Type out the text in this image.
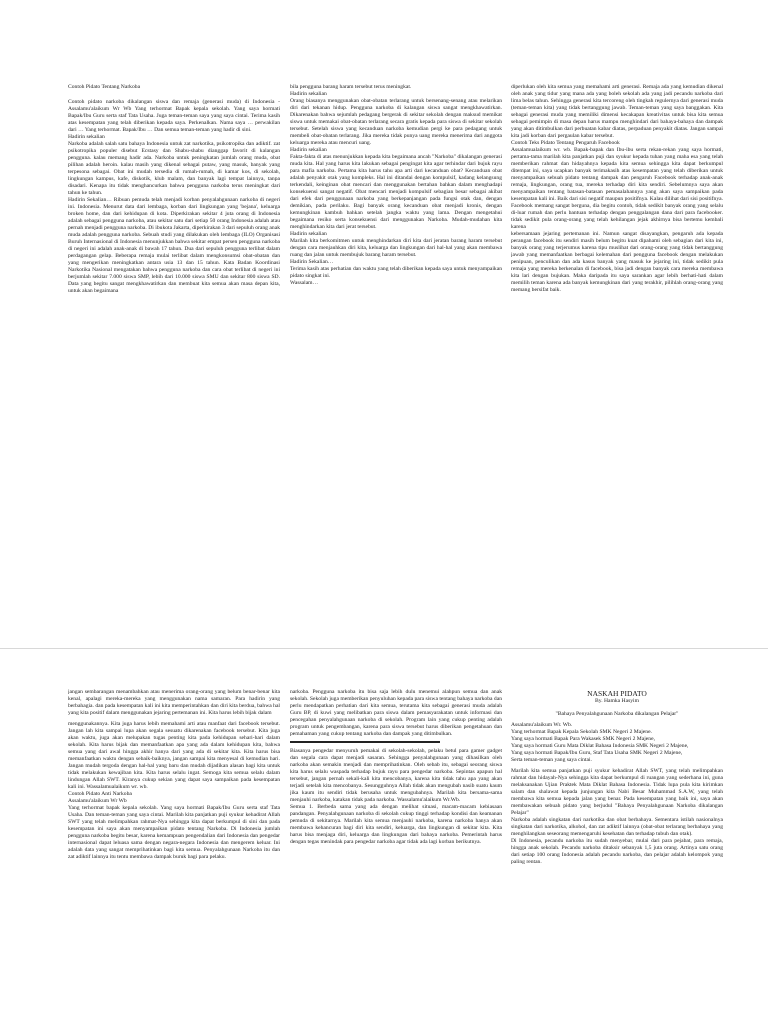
Contoh Pidato Tentang Narkoba

Contoh pidato narkoba dikalangan siswa dan remaja (generasi muda) di Indonesia - Assalamu'alaikum Wr Wb Yang terhormat Bapak kepala sekolah. Yang saya hormati Bapak/Ibu Guru serta staf Tata Usaha. Juga teman-teman saya yang saya cintai. Terima kasih atas kesempatan yang telah diberikan kepada saya. Perkenalkan. Nama saya … perwakilan dari … Yang terhormat. Bapak/Ibu … Dan semua teman-teman yang hadir di sini.

Hadirin sekalian

Narkoba adalah salah satu bahaya Indonesia untuk zat narkotika, psikotropika dan adiktif. zat psikotropika populer disebut Ecstasy dan Shabu-shabu dianggap favorit di kalangan pengguna. kalau memang hadir ada. Narkoba untuk peningkatan jumlah orang muda, obat pilihan adalah heroin. kalau masih yang dikenal sebagai putaw, yang masuk, banyak yang terpesona sebagai. Obat ini mudah tersedia di rumah-rumah, di kamar kos, di sekolah, lingkungan kampus, kafe, diskotik, klub malam, dan banyak lagi tempat lainnya, tanpa disadari. Kenapa itu tidak menghancurkan bahwa pengguna narkoba terus meningkat dari tahun ke tahun.

Hadirin Sekalian… Ribuan pemuda telah menjadi korban penyalahgunaan narkoba di negeri ini. Indonesia. Menurut data dari lembaga, korban dari lingkungan yang 'bejana', keluarga broken home, dan dari kehidupan di kota. Diperkirakan sekitar 4 juta orang di Indonesia adalah sebagai pengguna narkoba, atau sekitar satu dari setiap 50 orang Indonesia adalah atau pernah menjadi pengguna narkoba. Di ibukota Jakarta, diperkirakan 3 dari sepuluh orang anak muda adalah pengguna narkoba. Sebuah studi yang dilakukan oleh lembaga (ILO) Organisasi Buruh Internasional di Indonesia menunjukkan bahwa sekitar empat persen pengguna narkoba di negeri ini adalah anak-anak di bawah 17 tahun. Dua dari sepuluh pengguna terlibat dalam perdagangan gelap. Beberapa remaja mulai terlibat dalam mengkonsumsi obat-obatan dan yang mengerikan meningkatkan antara usia 13 dan 15 tahun. Kata Badan Koordinasi Narkotika Nasional mengatakan bahwa pengguna narkoba dan cara obat terlibat di negeri ini berjumlah sekitar 7.000 siswa SMP, lebih dari 10.000 siswa SMU dan sekitar 800 siswa SD. Data yang begitu sangat mengkhawatirkan dan membuat kita semua akan masa depan kita, untuk akan begaimana

bila pengguna barang haram tersebut terus meningkat.

Hadirin sekalian

Orang biasanya menggunakan obat-obatan terlarang untuk bersenang-senang atau melarikan diri dari tekanan hidup. Pengguna narkoba di kalangan siswa sangat mengkhawatirkan. Dikarenakan bahwa sejumlah pedagang bergerak di sekitar sekolah dengan maksud memikat siswa untuk memakai obat-obatan terlarang secara gratis kepada para siswa di sekitar sekolah tersebut. Setelah siswa yang kecanduan narkoba kemudian pergi ke para pedagang untuk membeli obat-obatan terlarang. Jika mereka tidak punya uang mereka menerima dari anggota keluarga mereka atau mencuri uang.

Hadirin sekalian

Fakta-fakta di atas menunjukkan kepada kita begaimana ancah "Narkoba" dikalangan generasi muda kita. Hal yang harus kita lakukan sebagai pengingat kita agar terhindar dari bujuk rayu para mafia narkoba. Pertama kita harus tahu apa arti dari kecanduan obat? Kecanduan obat adalah penyakit otak yang kompleks. Hal ini ditandai dengan kompulsif, kadang kelangsung terkendali, keinginan obat mencari dan menggunakan bertahan bahkan dalam menghadapi konsekuensi sangat negatif. Obat mencari menjadi kompulsif sebagian besar sebagai akibat dari efek dari penggunaan narkoba yang berkepanjangan pada fungsi otak dan, dengan demikian, pada perilaku. Bagi banyak orang kecanduan obat menjadi kronis, dengan kemungkinan kambuh bahkan setelah jangka waktu yang lama. Dengan mengetahui begaimana resiko serta konsekuensi dari menggunakan Narkoba. Mudah-mudahan kita menghindarkan kita dari jerat tersebut.

Hadirin sekalian

Marilah kita berkomitmen untuk menghindarkan diri kita dari jeratan barang haram tersebut dengan cara menjauhkan diri kita, keluarga dan lingkungan dari hal-hal yang akan membawa ruang dan jalan untuk membujuk barang haram tersebut.

Hadirin Sekalian…

Terima kasih atas perhatian dan waktu yang telah diberikan kepada saya untuk menyampaikan pidato singkat ini.

Wassalam…

diperlukan oleh kita semua yang memahami arti generasi. Remaja ada yang kemudian dikenal oleh anak yang tidur yang mana ada yang boleh sekolah ada yang jadi pecandu narkoba dari lima belas tahun. Sehingga generasi kita tercoreng oleh tingkah regulernya dari generasi muda (teman-teman kita) yang tidak bertanggung jawab. Teman-teman yang saya banggakan. Kita sebagai generasi muda yang memiliki dimensi kecakapan kreativitas untuk bisa kita semua sebagai pemimpin di masa depan harus mampu menghindari dari bahaya-bahaya dan dampak yang akan ditimbulkan dari perbuatan kabar diatas, perpaduan penyakit diatas. Jangan sampai kita jadi korban dari pergaulan kabar tersebut.

Contoh Teks Pidato Tentang Pengaruh Facebook

Assalamualaikum wr. wb. Bapak-bapak dan Ibu-ibu serta rekan-rekan yang saya hormati, pertama-tama marilah kita panjatkan puji dan syukur kepada tuhan yang maha esa yang telah memberikan rahmat dan hidayahnya kepada kita semua sehingga kita dapat berkumpul ditempat ini, saya ucapkan banyak terimakasih atas kesempatan yang telah diberikan untuk menyampaikan sebuah pidato tentang dampak dan pengaruh Facebook terhadap anak-anak remaja, lingkungan, orang tua, mereka terhadap diri kita sendiri. Sebelumnya saya akan menyampaikan tentang batasan-batasan pemasalahannya yang akan saya sampaikan pada kesempatan kali ini. Baik dari sisi negatif maupun positifnya. Kalau dilihat dari sisi positifnya. Facebook memang sangat berguna, dia begitu contoh, tidak sedikit banyak orang yang selalu di-luar rumah dan perlu bantuan terhadap dengan penggalangan dana dari para facebooker. tidak sedikit pula orang-orang yang telah kehilangan jejak akhirnya bisa bertemu kembali karena

kebersamaan jejaring pertemanan ini. Namun sangat disayangkan, pengaruh ada kepada perangan facebook itu sendiri masih belum begitu kuat dipahami oleh sebagian dari kita ini, banyak orang yang terjerumus karena tipu muslihat dari orang-orang yang tidak bertanggung jawab yang memanfaatkan berbagai kelemahan dari pengguna facebook dengan melakukan penipuan, penculikan dan ada kasus banyak yang masuk ke jejaring ini, tidak sedikit pula remaja yang mereka berkenalan di facebook, bisa jadi dengan banyak cara mereka membawa kita lari dengan bujukan. Maka daripada itu saya sarankan agar lebih berhati-hati dalam memilih teman karena ada banyak kemungkinan dari yang terakhir, pilihlah orang-orang yang memang bersifat baik.

jangan sembarangan menambahkan atau menerima orang-orang yang belum benar-benar kita kenal, apalagi mereka-mereka yang menggunakan nama samaran. Para hadirin yang berbahagia. dan pada kesempatan kali ini kita memperintahkan dan diri kita berdua, bahwa hal yang kita positif dalam menggunakan jejaring pertemanan ini. Kita harus lebih bijak dalam

menggunakannya. Kita juga harus lebih memahami arti atau manfaat dari facebook tersebut. Jangan lah kita sampai lupa akan segala sesuatu dikarenakan facebook tersebut. Kita juga akan waktu, juga akan melupakan tugas penting kita pada kehidupan sehari-hari dalam sekolah. Kita harus bijak dan memanfaatkan apa yang ada dalam kehidupan kita, bahwa semua yang dari awal hingga akhir hanya dari yang ada di sekitar kita. Kita harus bisa memanfaatkan waktu dengan sebaik-baiknya, jangan sampai kita menyesal di kemudian hari. Jangan mudah tergoda dengan hal-hal yang baru dan mudah dijadikan alasan bagi kita untuk tidak melakukan kewajiban kita. Kita harus selalu ingat. Semoga kita semua selalu dalam lindungan Allah SWT. Kiranya cukup sekian yang dapat saya sampaikan pada kesempatan kali ini. Wassalamualaikum wr. wb.

Contoh Pidato Anti Narkoba

Assalamu'alaikum Wr Wb

Yang terhormat bapak kepala sekolah. Yang saya hormati Bapak/Ibu Guru serta staf Tata Usaha. Dan teman-teman yang saya cintai. Marilah kita panjatkan puji syukur kehadirat Allah SWT yang telah melimpahkan rahmat-Nya sehingga kita dapat berkumpul di sini dan pada kesempatan ini saya akan menyampaikan pidato tentang Narkoba. Di Indonesia jumlah pengguna narkoba begitu besar, karena kemampuan pengendalian dari Indonesia dan pengedar internasional dapat leluasa sama dengan negara-negara Indonesia dan mengerem keluar. Ini adalah data yang sangat memprihatinkan bagi kita semua. Penyalahgunaan Narkoba itu dan zat adiktif lainnya itu tentu membawa dampak buruk bagi para pelaku.

narkoba. Pengguna narkoba itu bisa saja lebih dulu menemui alahpun semua dan anak sekolah. Sekolah juga memberikan penyuluhan kepada para siswa tentang bahaya narkoba dan perlu mendapatkan perhatian dari kita semua, terutama kita sebagai generasi muda adalah Guru BP, di kuwi yang melibatkan para siswa dalam pemasyarakatan untuk informasi dan pencegahan penyalahgunaan narkoba di sekolah. Program lain yang cukup penting adalah program untuk pengembangan, karena para siswa tersebut harus diberikan pengetahuan dan pemahaman yang cukup tentang narkoba dan dampak yang ditimbulkan.

Biasanya pengedar menyuruh pemakai di sekolah-sekolah, pelaku betul para gamer gadget dan segala cara dapat menjadi sasaran. Sehingga penyalahgunaan yang dihasilkan oleh narkoba akan semakin menjadi dan memprihatinkan. Oleh sebab itu, sebagai seorang siswa kita harus selalu waspada terhadap bujuk rayu para pengedar narkoba. Sepintas apapun hal tersebut, jangan pernah sekali-kali kita mencobanya, karena kita tidak tahu apa yang akan terjadi setelah kita mencobanya. Sesungguhnya Allah tidak akan mengubah nasib suatu kaum jika kaum itu sendiri tidak berusaha untuk mengubahnya. Marilah kita bersama-sama menjauhi narkoba, katakan tidak pada narkoba. Wassalamu'alaikum Wr.Wb.

Semua 1. Berbeda sama yang ada dengan melihat situasi, macam-macam kebiasaan pandangan. Penyalahgunaan narkoba di sekolah cukup tinggi terhadap kondisi dan keamanan pemuda di sekitarnya. Marilah kita semua menjauhi narkoba, karena narkoba hanya akan membawa kehancuran bagi diri kita sendiri, keluarga, dan lingkungan di sekitar kita. Kita harus bisa menjaga diri, keluarga dan lingkungan dari bahaya narkoba. Pemerintah harus dengan tegas menindak para pengedar narkoba agar tidak ada lagi korban berikutnya.

NASKAH PIDATO

By. Hamka Hasyim

"Bahaya Penyalahgunaan Narkoba dikalangan Pelajar"

Assalamu'alaikum Wr. Wb.

Yang terhormat Bapak Kepala Sekolah SMK Negeri 2 Majene.

Yang saya hormati Bapak Para Wakasek SMK Negeri 2 Majene,

Yang saya hormati Guru Mata Diklat Bahasa Indonesia SMK Negeri 2 Majene,

Yang saya hormati Bapak/Ibu Guru, Staf Tata Usaha SMK Negeri 2 Majene,

Serta teman-teman yang saya cintai.

Marilah kita semua panjatkan puji syukur kehadirat Allah SWT, yang telah melimpahkan rahmat dan hidayah-Nya sehingga kita dapat berkumpul di ruangan yang sederhana ini, guna melaksanakan Ujian Praktek Mata Diklat Bahasa Indonesia. Tidak lupa pula kita kirimkan salam dan shalawat kepada junjungan kita Nabi Besar Muhammad S.A.W, yang telah membawa kita semua kepada jalan yang benar. Pada kesempatan yang baik ini, saya akan membawakan sebuah pidato yang berjudul "Bahaya Penyalahgunaan Narkoba dikalangan Pelajar"

Narkoba adalah singkatan dari narkotika dan obat berbahaya. Sementara istilah nasionalnya singkatan dari narkotika, alkohol, dan zat adiktif lainnya (obat-obat terlarang berbahaya yang menghilangkan seseorang memengaruhi kesehatan dan terhadap tubuh dan otak).

Di Indonesia, pecandu narkoba itu sudah menyebar, mulai dari para pejabat, para remaja, hingga anak sekolah. Pecandu narkoba ditaksir sebanyak 1,5 juta orang. Artinya satu orang dari setiap 100 orang Indonesia adalah pecandu narkoba, dan pelajar adalah kelompok yang paling rentan.
